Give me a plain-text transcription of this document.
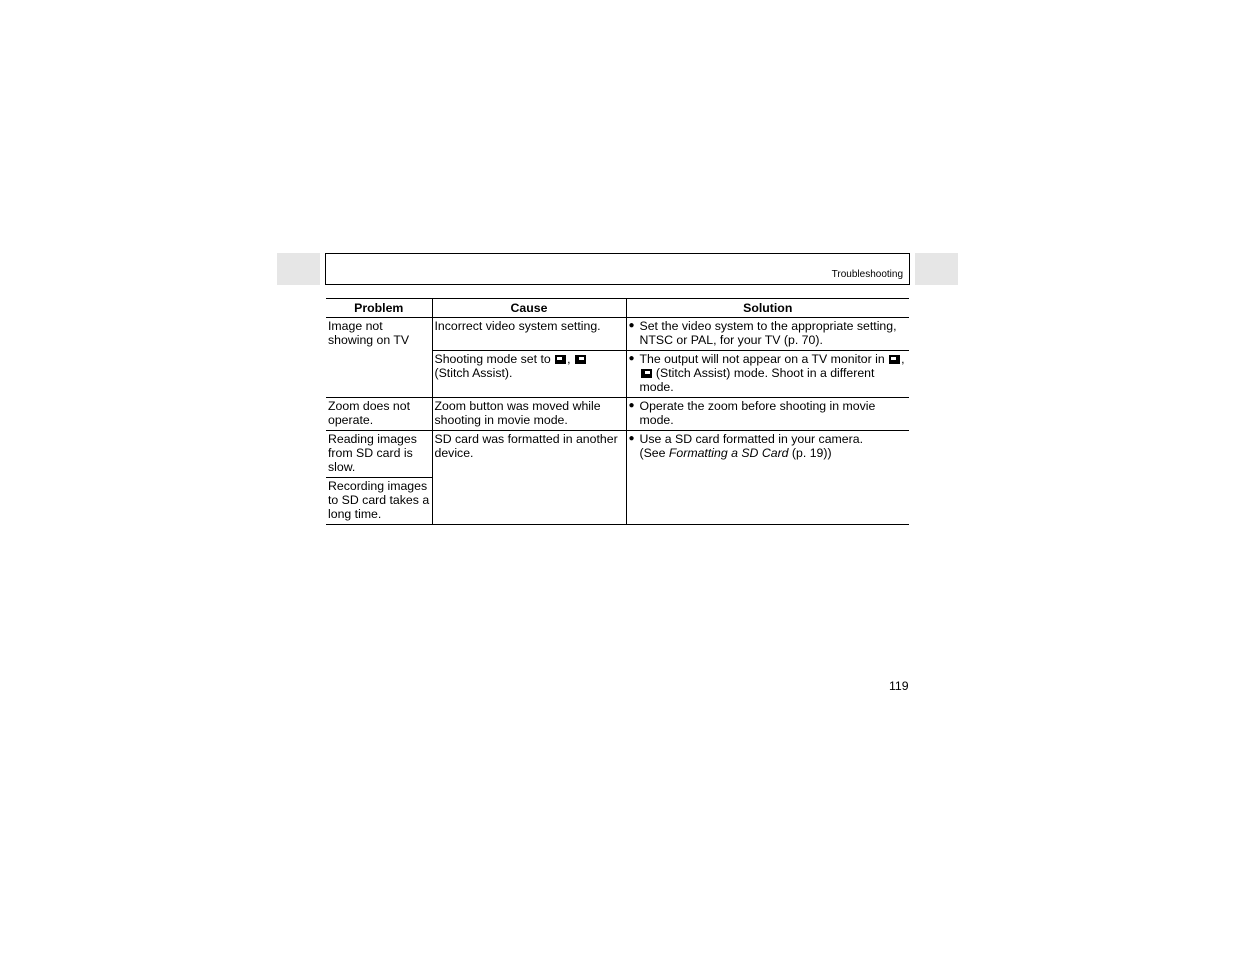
Troubleshooting
Problem	Cause	Solution
Image not showing on TV	Incorrect video system setting.	● Set the video system to the appropriate setting, NTSC or PAL, for your TV (p. 70).

	Shooting mode set to ,  (Stitch Assist).	● The output will not appear on a TV monitor in ,  (Stitch Assist) mode. Shoot in a different mode.

Zoom does not operate.	Zoom button was moved while shooting in movie mode.	● Operate the zoom before shooting in movie mode.

Reading images from SD card is slow.	SD card was formatted in another device.	● Use a SD card formatted in your camera.
(See Formatting a SD Card (p. 19))

Recording images to SD card takes a long time.		
119
